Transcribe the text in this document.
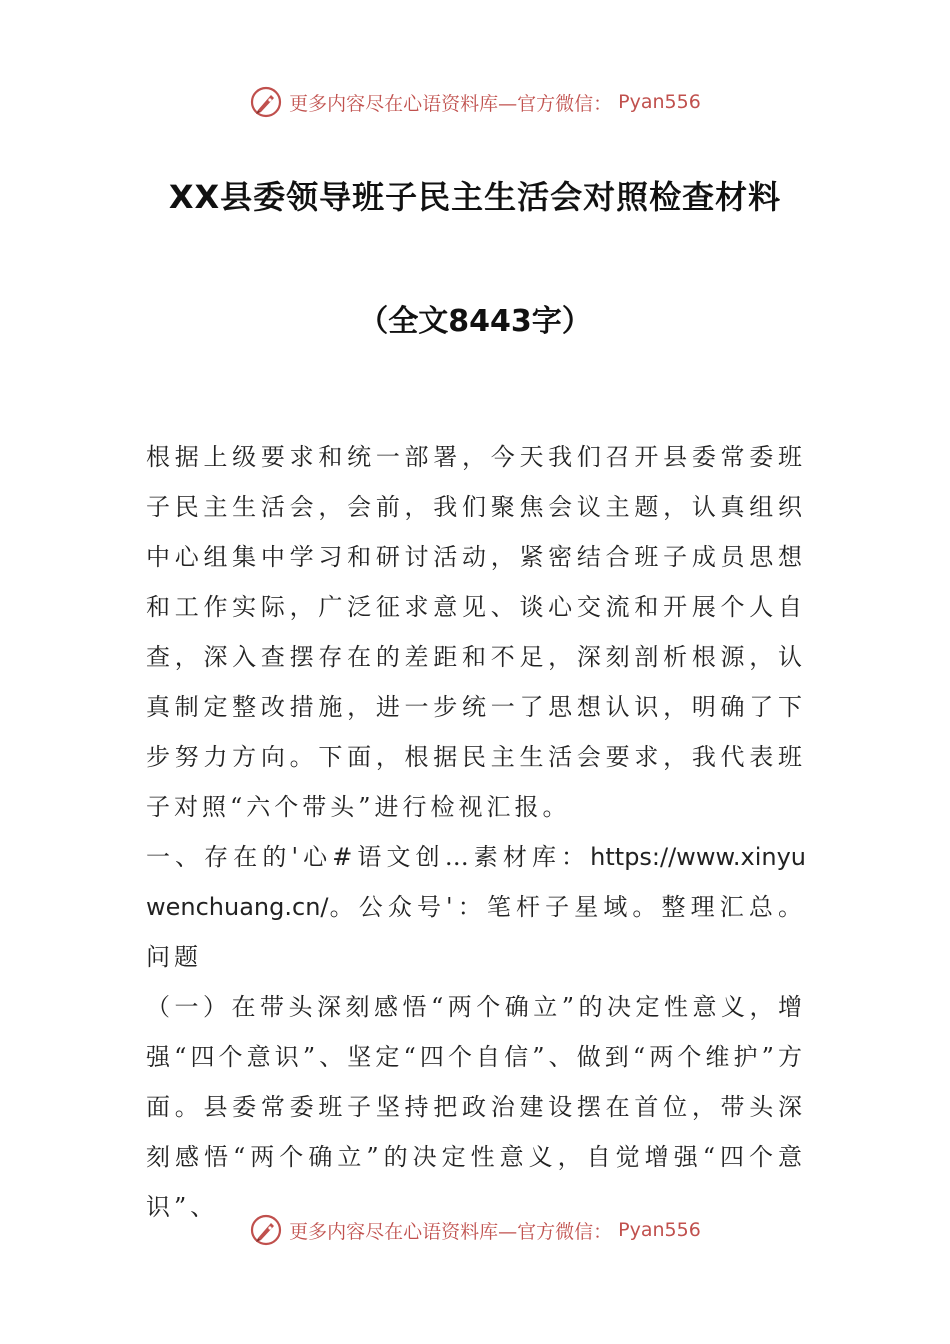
更多内容尽在心语资料库—官方微信： Pyan556
XX县委领导班子民主生活会对照检查材料
（全文8443字）

根据上级要求和统一部署，今天我们召开县委常委班子民主生活会，会前，我们聚焦会议主题，认真组织中心组集中学习和研讨活动，紧密结合班子成员思想和工作实际，广泛征求意见、谈心交流和开展个人自查，深入查摆存在的差距和不足，深刻剖析根源，认真制定整改措施，进一步统一了思想认识，明确了下步努力方向。下面，根据民主生活会要求，我代表班子对照“六个带头”进行检视汇报。

一、存在的'心#语文创…素材库：https://www.xinyuwenchuang.cn/。公众号'：笔杆子星域。整理汇总。问题

（一）在带头深刻感悟“两个确立”的决定性意义，增强“四个意识”、坚定“四个自信”、做到“两个维护”方面。县委常委班子坚持把政治建设摆在首位，带头深刻感悟“两个确立”的决定性意义，自觉增强“四个意识”、

更多内容尽在心语资料库—官方微信： Pyan556
